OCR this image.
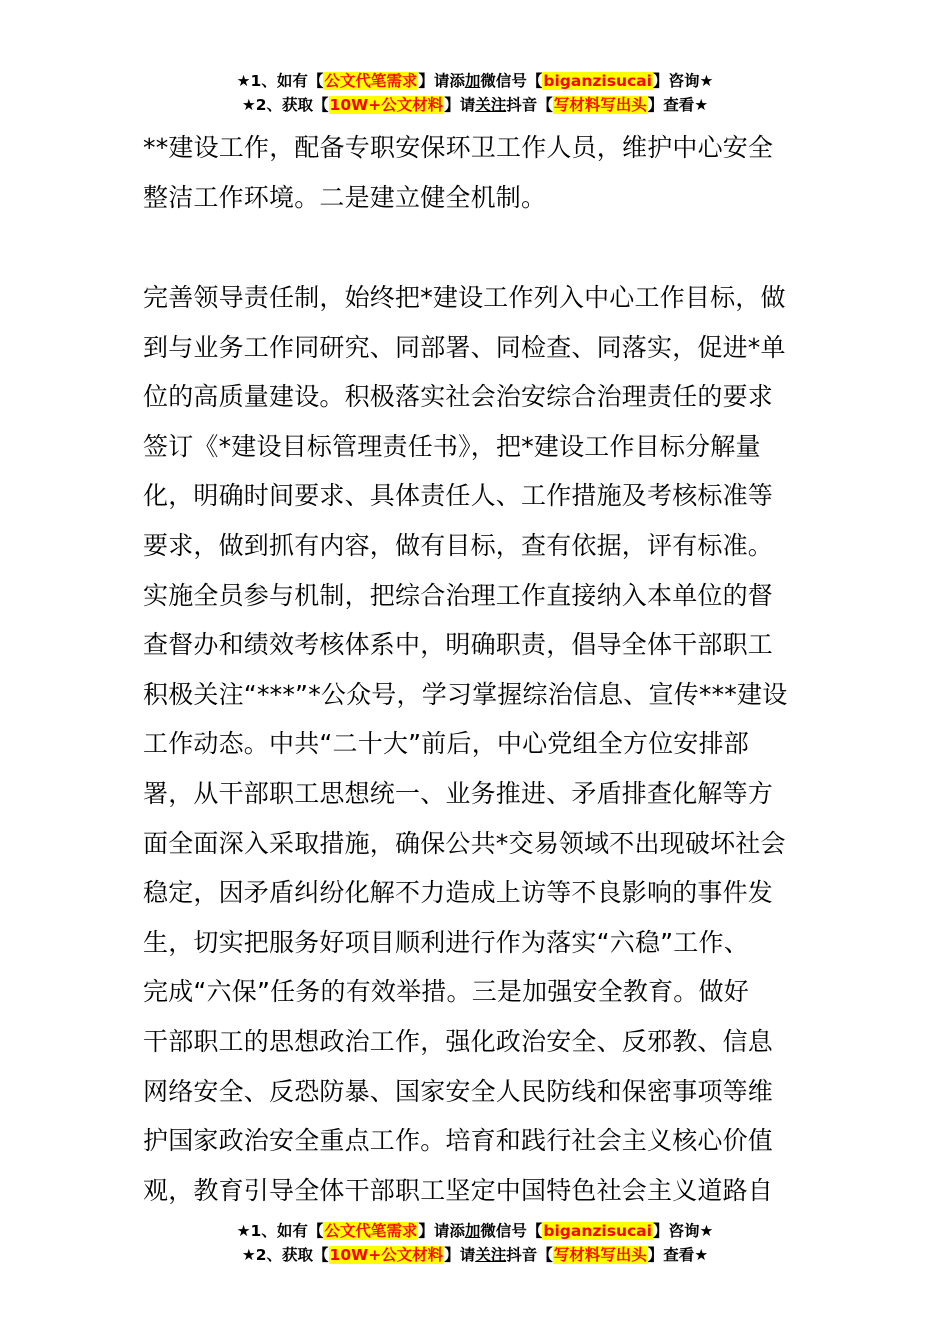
★1、如有【公文代笔需求】请添加微信号【biganzisucai】咨询★
★2、获取【10W+公文材料】请关注抖音【写材料写出头】查看★
**建设工作，配备专职安保环卫工作人员，维护中心安全
整洁工作环境。二是建立健全机制。
完善领导责任制，始终把*建设工作列入中心工作目标，做
到与业务工作同研究、同部署、同检查、同落实，促进*单
位的高质量建设。积极落实社会治安综合治理责任的要求
签订《*建设目标管理责任书》，把*建设工作目标分解量
化，明确时间要求、具体责任人、工作措施及考核标准等
要求，做到抓有内容，做有目标，查有依据，评有标准。
实施全员参与机制，把综合治理工作直接纳入本单位的督
查督办和绩效考核体系中，明确职责，倡导全体干部职工
积极关注“***”*公众号，学习掌握综治信息、宣传***建设
工作动态。中共“二十大”前后，中心党组全方位安排部
署，从干部职工思想统一、业务推进、矛盾排查化解等方
面全面深入采取措施，确保公共*交易领域不出现破坏社会
稳定，因矛盾纠纷化解不力造成上访等不良影响的事件发
生，切实把服务好项目顺利进行作为落实“六稳”工作、
完成“六保”任务的有效举措。三是加强安全教育。做好
干部职工的思想政治工作，强化政治安全、反邪教、信息
网络安全、反恐防暴、国家安全人民防线和保密事项等维
护国家政治安全重点工作。培育和践行社会主义核心价值
观，教育引导全体干部职工坚定中国特色社会主义道路自
★1、如有【公文代笔需求】请添加微信号【biganzisucai】咨询★
★2、获取【10W+公文材料】请关注抖音【写材料写出头】查看★
